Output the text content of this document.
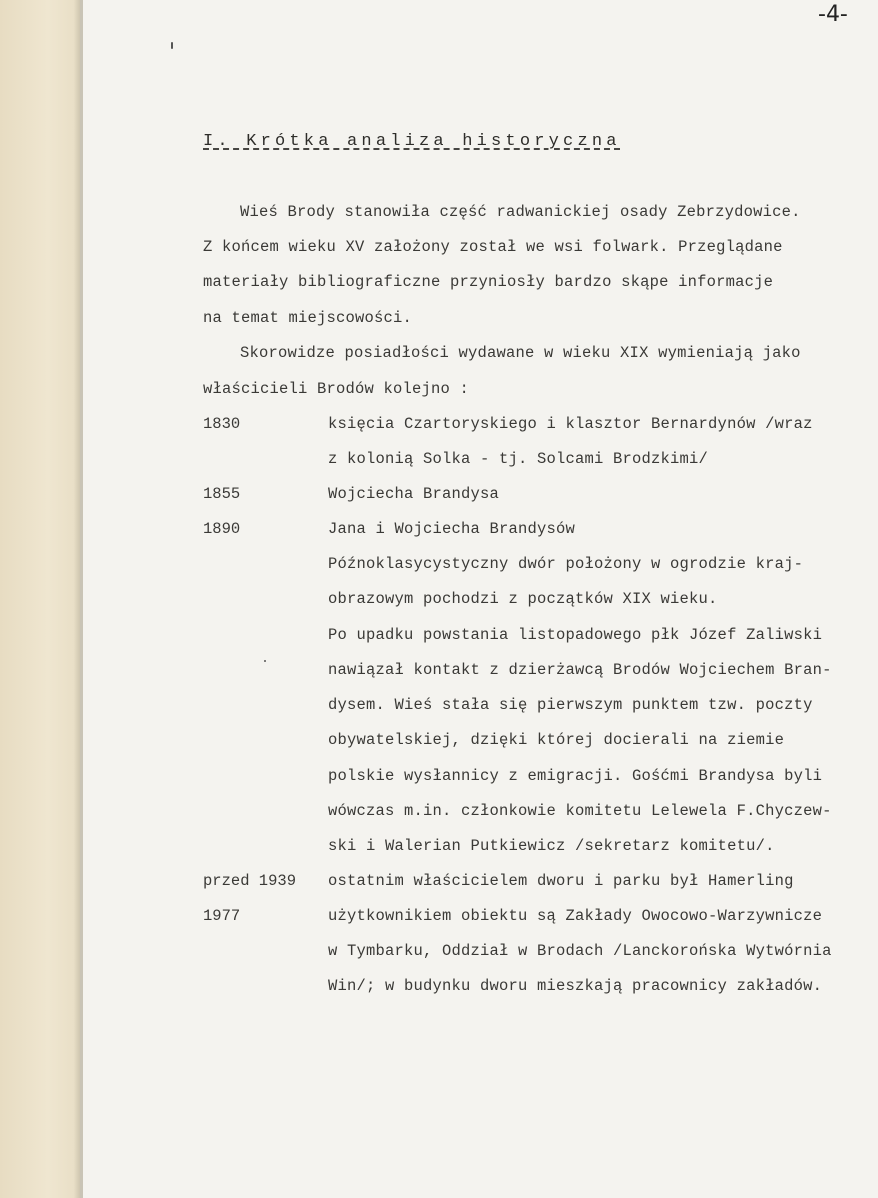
-4-
I. Krótka analiza historyczna
Wieś Brody stanowiła część radwanickiej osady Zebrzydowice.
Z końcem wieku XV założony został we wsi folwark. Przeglądane
materiały bibliograficzne przyniosły bardzo skąpe informacje
na temat miejscowości.
Skorowidze posiadłości wydawane w wieku XIX wymieniają jako
właścicieli Brodów kolejno :
1830	księcia Czartoryskiego i klasztor Bernardynów /wraz
z kolonią Solka - tj. Solcami Brodzkimi/
1855	Wojciecha Brandysa
1890	Jana i Wojciecha Brandysów
Późnoklasycystyczny dwór położony w ogrodzie kraj-
obrazowym pochodzi z początków XIX wieku.
Po upadku powstania listopadowego płk Józef Zaliwski
nawiązał kontakt z dzierżawcą Brodów Wojciechem Bran-
dysem. Wieś stała się pierwszym punktem tzw. poczty
obywatelskiej, dzięki której docierali na ziemie
polskie wysłannicy z emigracji. Gośćmi Brandysa byli
wówczas m.in. członkowie komitetu Lelewela F.Chyczew-
ski i Walerian Putkiewicz /sekretarz komitetu/.
przed 1939 ostatnim właścicielem dworu i parku był Hamerling
1977	użytkownikiem obiektu są Zakłady Owocowo-Warzywnicze
w Tymbarku, Oddział w Brodach /Lanckorońska Wytwórnia
Win/; w budynku dworu mieszkają pracownicy zakładów.
